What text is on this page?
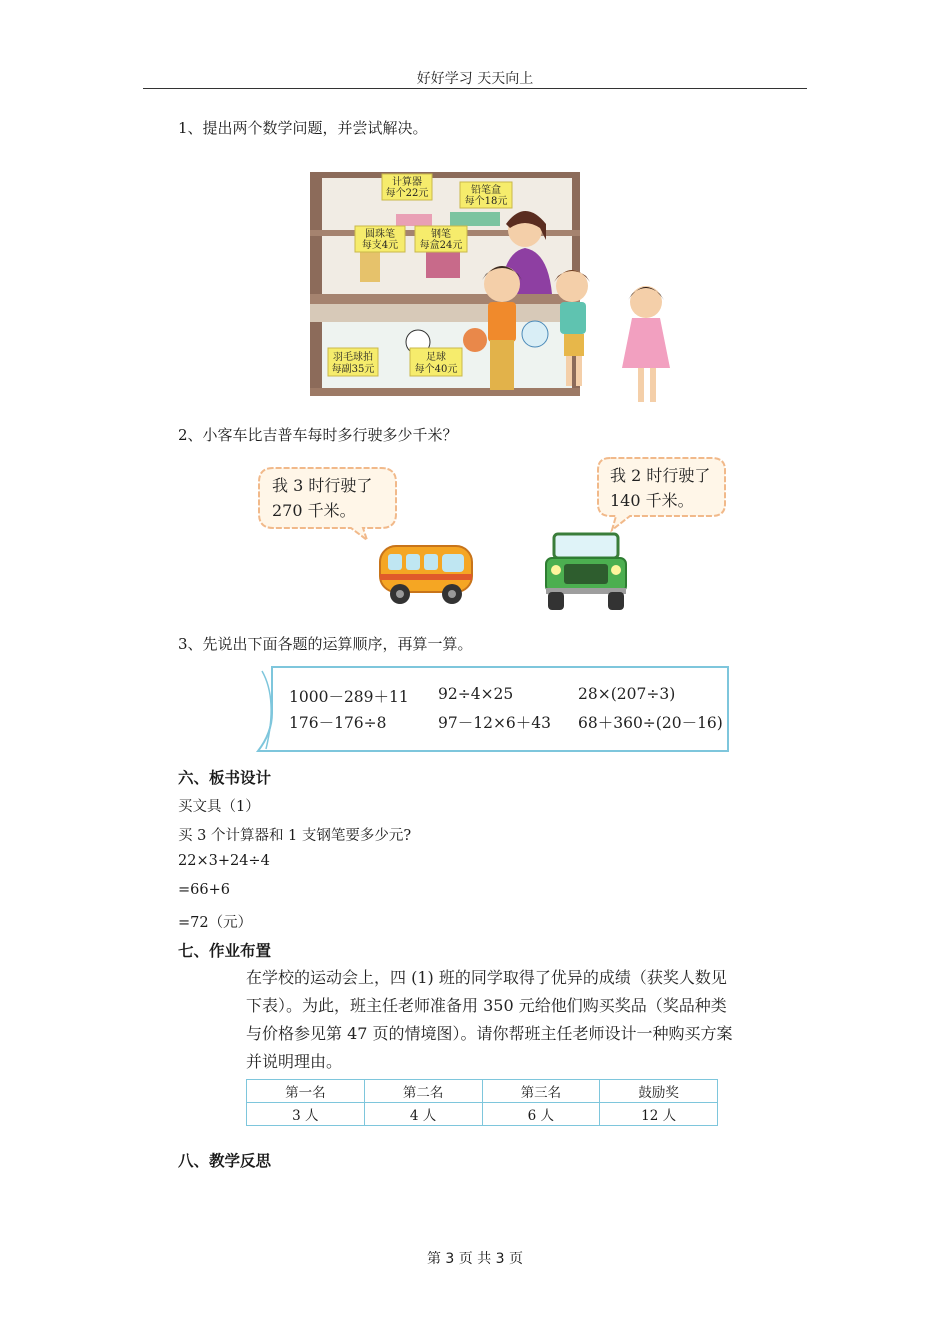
好好学习 天天向上
1、提出两个数学问题，并尝试解决。
计算器
每个22元	铅笔盒
每个18元
圆珠笔
每支4元
钢笔
每盒24元
羽毛球拍
每副35元
足球
每个40元
2、小客车比吉普车每时多行驶多少千米？
我 3 时行驶了
270 千米。
我 2 时行驶了
140 千米。
3、先说出下面各题的运算顺序，再算一算。
1000－289＋11 92÷4×25	28×(207÷3)
176－176÷8	97－12×6＋43 68＋360÷(20－16)
六、板书设计
买文具（1）
买 3 个计算器和 1 支钢笔要多少元?
22×3+24÷4
=66+6
=72（元）
七、作业布置
在学校的运动会上，四 (1) 班的同学取得了优异的成绩（获奖人数见下表）。为此，班主任老师准备用 350 元给他们购买奖品（奖品种类与价格参见第 47 页的情境图）。请你帮班主任老师设计一种购买方案并说明理由。
第一名	第二名	第三名	鼓励奖
3 人	4 人	6 人	12 人
八、教学反思
第 3 页 共 3 页
